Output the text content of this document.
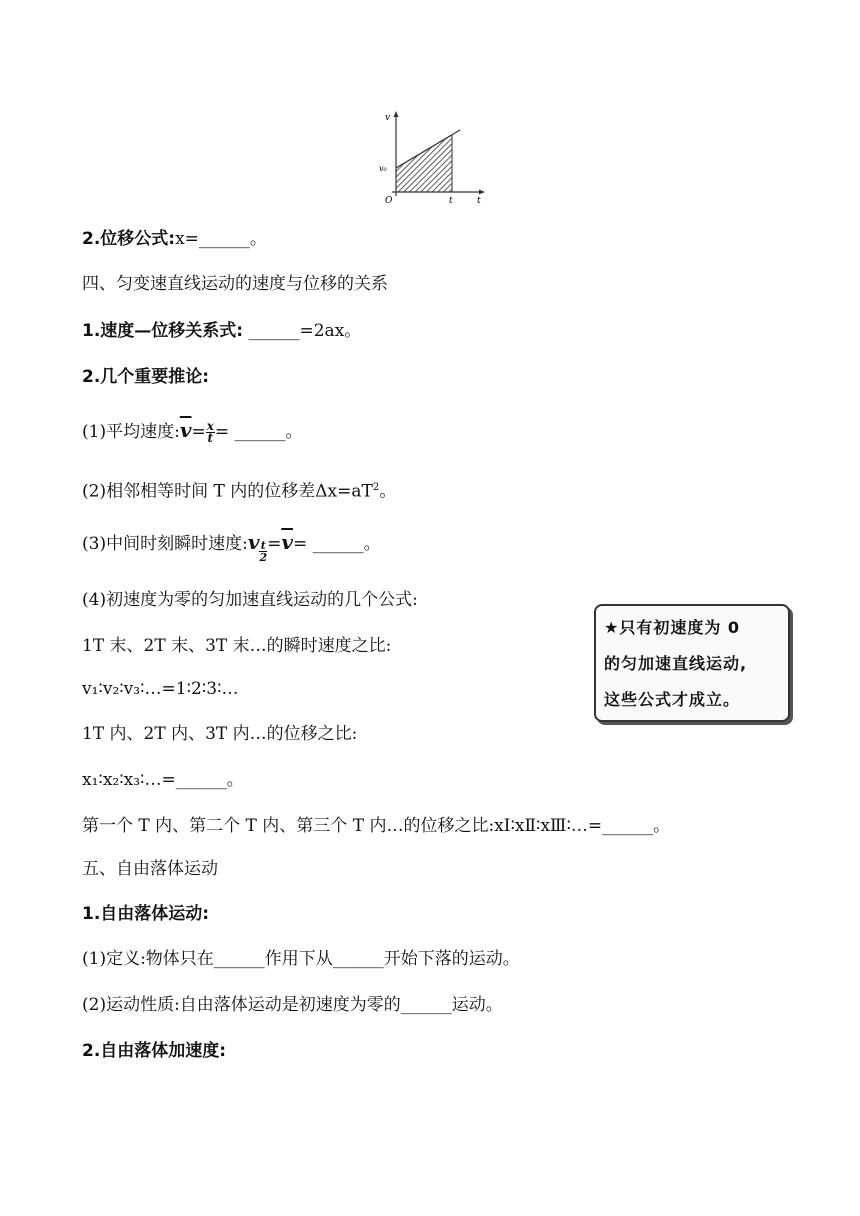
v
v₀
O	t	t
2.位移公式:x=______。
四、匀变速直线运动的速度与位移的关系
1.速度—位移关系式: ______=2ax。
2.几个重要推论:
(1)平均速度$:\overline{v}= \frac{x}{t}$ = ______。
(2)相邻相等时间 T 内的位移差$\Delta x=aT^2$。
(3)中间时刻瞬时速度:v $_{\frac{t}{2}} =\overline{v}=$ ______。
(4)初速度为零的匀加速直线运动的几个公式:
1T 末、2T 末、3T 末…的瞬时速度之比:
v₁∶v₂∶v₃∶…=1∶2∶3∶…
1T 内、2T 内、3T 内…的位移之比:
x₁∶x₂∶x₃∶…=______。
第一个 T 内、第二个 T 内、第三个 T 内…的位移之比:xⅠ∶xⅡ∶xⅢ∶…=______。
五、自由落体运动
1.自由落体运动:
(1)定义:物体只在______作用下从______开始下落的运动。
(2)运动性质:自由落体运动是初速度为零的______运动。
2.自由落体加速度:
★只有初速度为 0
的匀加速直线运动,
这些公式才成立。
